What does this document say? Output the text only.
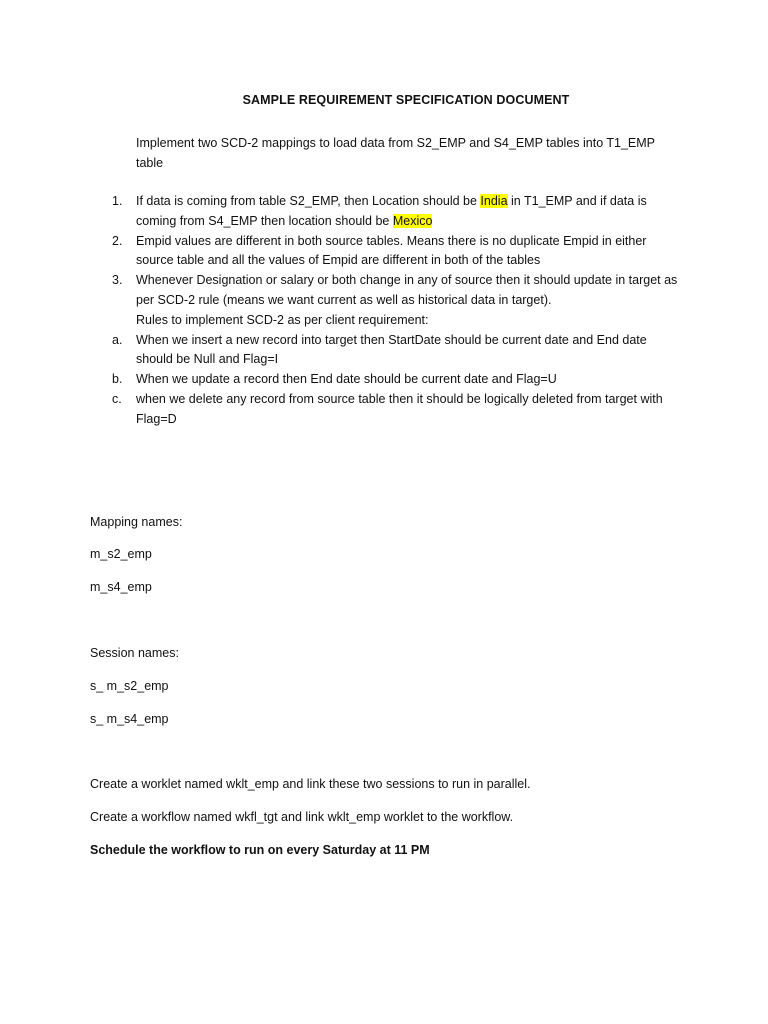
SAMPLE REQUIREMENT SPECIFICATION DOCUMENT
Implement two SCD-2 mappings to load data from S2_EMP and S4_EMP tables into T1_EMP table
1. If data is coming from table S2_EMP, then Location should be India in T1_EMP and if data is coming from S4_EMP then location should be Mexico
2. Empid values are different in both source tables. Means there is no duplicate Empid in either source table and all the values of Empid are different in both of the tables
3. Whenever Designation or salary or both change in any of source then it should update in target as per SCD-2 rule (means we want current as well as historical data in target).
Rules to implement SCD-2 as per client requirement:
a. When we insert a new record into target then StartDate should be current date and End date should be Null and Flag=I
b. When we update a record then End date should be current date and Flag=U
c. when we delete any record from source table then it should be logically deleted from target with Flag=D
Mapping names:
m_s2_emp
m_s4_emp
Session names:
s_ m_s2_emp
s_ m_s4_emp
Create a worklet named wklt_emp and link these two sessions to run in parallel.
Create a workflow named wkfl_tgt and link wklt_emp worklet to the workflow.
Schedule the workflow to run on every Saturday at 11 PM
